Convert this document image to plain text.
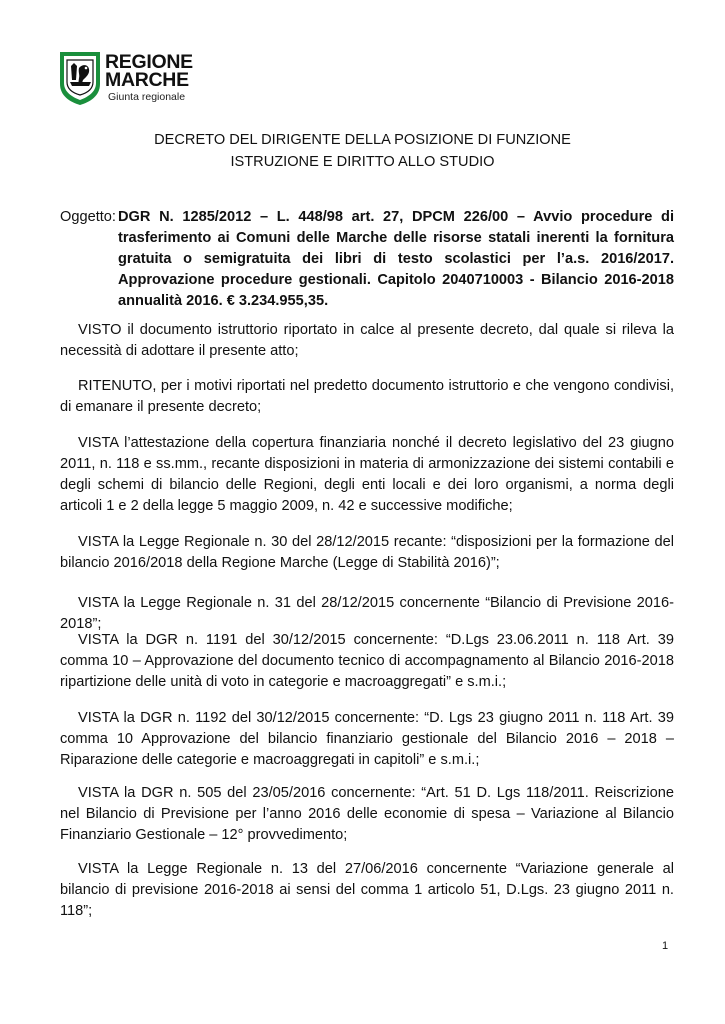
REGIONE
MARCHE
Giunta regionale
DECRETO DEL DIRIGENTE DELLA POSIZIONE DI FUNZIONE
ISTRUZIONE E DIRITTO ALLO STUDIO
Oggetto: DGR N. 1285/2012 – L. 448/98 art. 27, DPCM 226/00 – Avvio procedure di trasferimento ai Comuni delle Marche delle risorse statali inerenti la fornitura gratuita o semigratuita dei libri di testo scolastici per l’a.s. 2016/2017. Approvazione procedure gestionali. Capitolo 2040710003 - Bilancio 2016-2018 annualità 2016. € 3.234.955,35.
VISTO il documento istruttorio riportato in calce al presente decreto, dal quale si rileva la necessità di adottare il presente atto;
RITENUTO, per i motivi riportati nel predetto documento istruttorio e che vengono condivisi, di emanare il presente decreto;
VISTA l’attestazione della copertura finanziaria nonché il decreto legislativo del 23 giugno 2011, n. 118 e ss.mm., recante disposizioni in materia di armonizzazione dei sistemi contabili e degli schemi di bilancio delle Regioni, degli enti locali e dei loro organismi, a norma degli articoli 1 e 2 della legge 5 maggio 2009, n. 42 e successive modifiche;
VISTA la Legge Regionale n. 30 del 28/12/2015 recante: “disposizioni per la formazione del bilancio 2016/2018 della Regione Marche (Legge di Stabilità 2016)”;
VISTA la Legge Regionale n. 31 del 28/12/2015 concernente “Bilancio di Previsione 2016-2018”;
VISTA la DGR n. 1191 del 30/12/2015 concernente: “D.Lgs 23.06.2011 n. 118 Art. 39 comma 10 – Approvazione del documento tecnico di accompagnamento al Bilancio 2016-2018 ripartizione delle unità di voto in categorie e macroaggregati” e s.m.i.;
VISTA la DGR n. 1192 del 30/12/2015 concernente: “D. Lgs 23 giugno 2011 n. 118 Art. 39 comma 10 Approvazione del bilancio finanziario gestionale del Bilancio 2016 – 2018 – Riparazione delle categorie e macroaggregati in capitoli” e s.m.i.;
VISTA la DGR n. 505 del 23/05/2016 concernente: “Art. 51 D. Lgs 118/2011. Reiscrizione nel Bilancio di Previsione per l’anno 2016 delle economie di spesa – Variazione al Bilancio Finanziario Gestionale – 12° provvedimento;
VISTA la Legge Regionale n. 13 del 27/06/2016 concernente “Variazione generale al bilancio di previsione 2016-2018 ai sensi del comma 1 articolo 51, D.Lgs. 23 giugno 2011 n. 118”;
1
